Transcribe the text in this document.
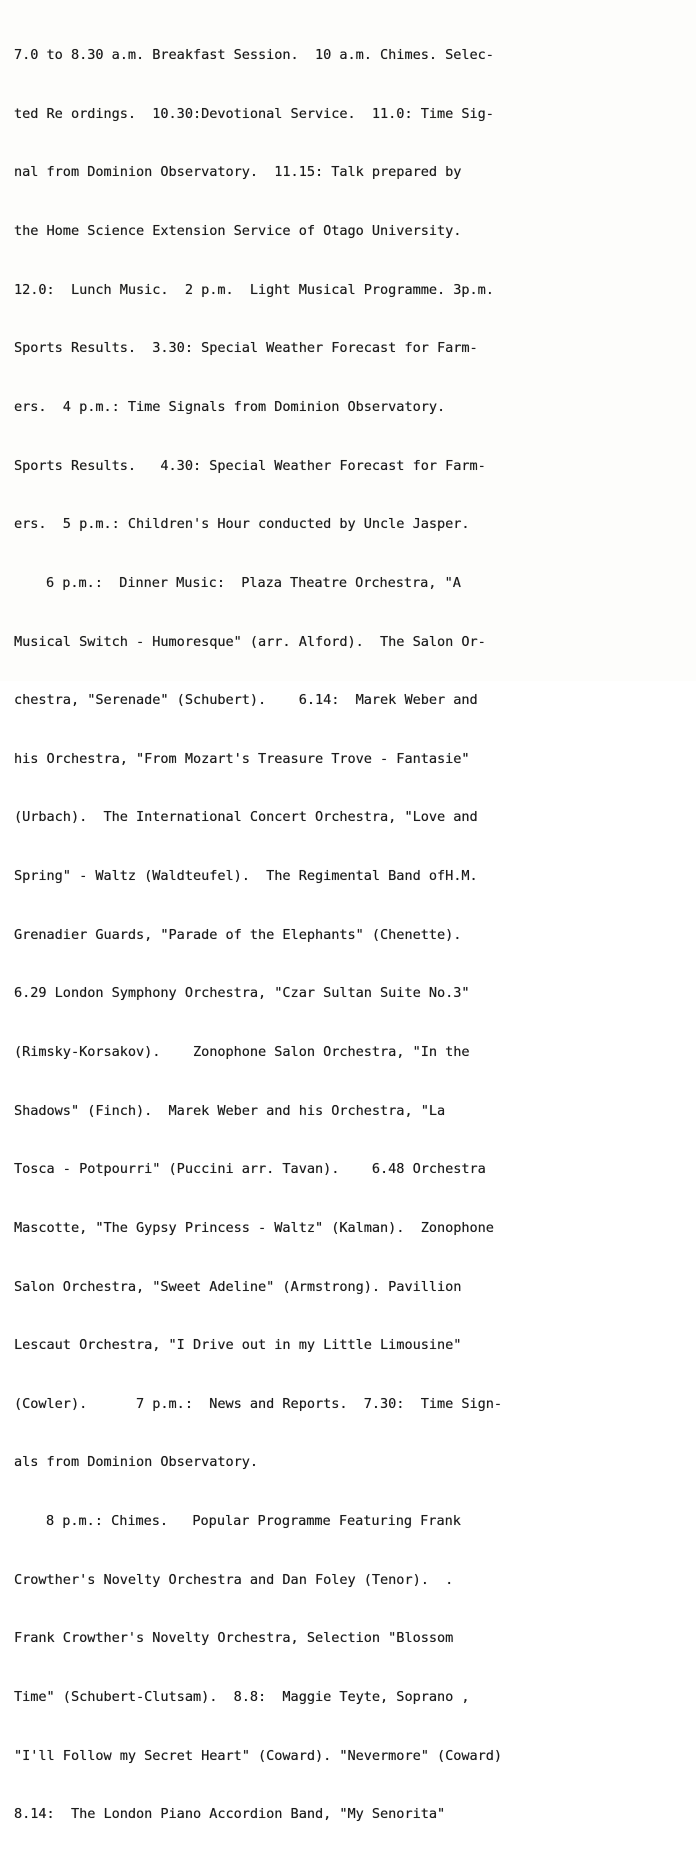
7.0 to 8.30 a.m. Breakfast Session.  10 a.m. Chimes. Selec-

ted Re ordings.  10.30:Devotional Service.  11.0: Time Sig-

nal from Dominion Observatory.  11.15: Talk prepared by

the Home Science Extension Service of Otago University.

12.0:  Lunch Music.  2 p.m.  Light Musical Programme. 3p.m.

Sports Results.  3.30: Special Weather Forecast for Farm-

ers.  4 p.m.: Time Signals from Dominion Observatory.

Sports Results.   4.30: Special Weather Forecast for Farm-

ers.  5 p.m.: Children's Hour conducted by Uncle Jasper.

6 p.m.:  Dinner Music:  Plaza Theatre Orchestra, "A

Musical Switch - Humoresque" (arr. Alford).  The Salon Or-

chestra, "Serenade" (Schubert).    6.14:  Marek Weber and

his Orchestra, "From Mozart's Treasure Trove - Fantasie"

(Urbach).  The International Concert Orchestra, "Love and

Spring" - Waltz (Waldteufel).  The Regimental Band ofH.M.

Grenadier Guards, "Parade of the Elephants" (Chenette).

6.29 London Symphony Orchestra, "Czar Sultan Suite No.3"

(Rimsky-Korsakov).    Zonophone Salon Orchestra, "In the

Shadows" (Finch).  Marek Weber and his Orchestra, "La

Tosca - Potpourri" (Puccini arr. Tavan).    6.48 Orchestra

Mascotte, "The Gypsy Princess - Waltz" (Kalman).  Zonophone

Salon Orchestra, "Sweet Adeline" (Armstrong). Pavillion

Lescaut Orchestra, "I Drive out in my Little Limousine"

(Cowler).      7 p.m.:  News and Reports.  7.30:  Time Sign-

als from Dominion Observatory.

8 p.m.: Chimes.   Popular Programme Featuring Frank

Crowther's Novelty Orchestra and Dan Foley (Tenor).  .

Frank Crowther's Novelty Orchestra, Selection "Blossom

Time" (Schubert-Clutsam).  8.8:  Maggie Teyte, Soprano ,

"I'll Follow my Secret Heart" (Coward). "Nevermore" (Coward)

8.14:  The London Piano Accordion Band, "My Senorita"
